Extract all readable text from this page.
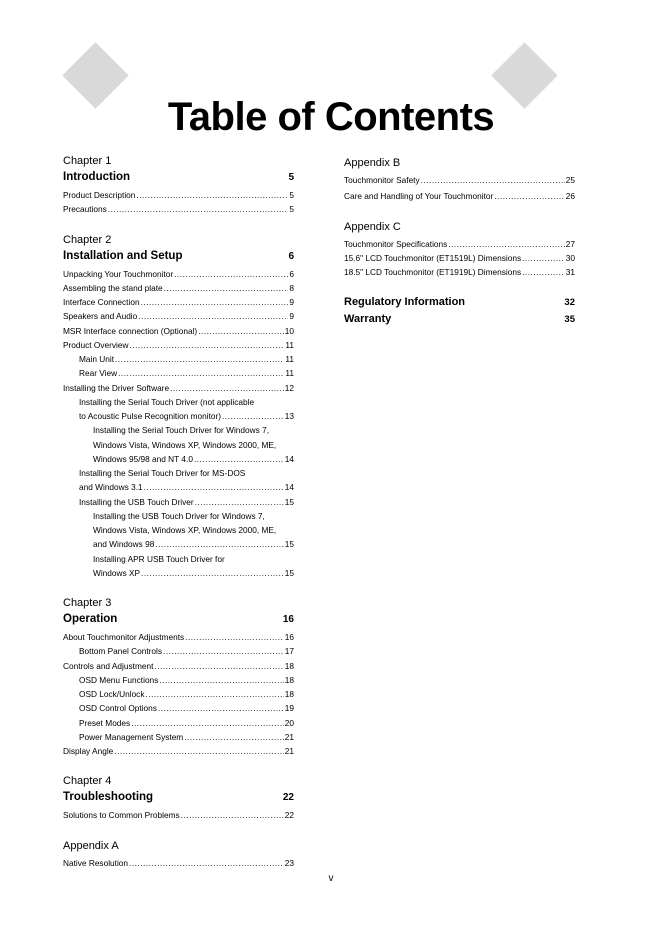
Table of Contents
Chapter 1
Introduction	5
Product Description .....	5
Precautions .....	5
Chapter 2
Installation and Setup	6
Unpacking Your Touchmonitor .....	6
Assembling the stand plate .....	8
Interface Connection .....	9
Speakers and Audio .....	9
MSR Interface connection (Optional) .....	10
Product Overview .....	11
Main Unit .....	11
Rear View .....	11
Installing the Driver Software .....	12
Installing the Serial Touch Driver (not applicable
to Acoustic Pulse Recognition monitor) .....	13
Installing the Serial Touch Driver for Windows 7,
Windows Vista, Windows XP, Windows 2000, ME,
Windows 95/98 and NT 4.0 .....	14
Installing the Serial Touch Driver for MS-DOS
and Windows 3.1 .....	14
Installing the USB Touch Driver .....	15
Installing the USB Touch Driver for Windows 7,
Windows Vista, Windows XP, Windows 2000, ME,
and Windows 98 .....	15
Installing APR USB Touch Driver for
Windows XP .....	15
Chapter 3
Operation	16
About Touchmonitor Adjustments .....	16
Bottom Panel Controls .....	17
Controls and Adjustment .....	18
OSD Menu Functions .....	18
OSD Lock/Unlock .....	18
OSD Control Options .....	19
Preset Modes .....	20
Power Management System .....	21
Display Angle .....	21
Chapter 4
Troubleshooting	22
Solutions to Common Problems .....	22
Appendix A
Native Resolution .....	23
Appendix B
Touchmonitor Safety .....	25
Care and Handling of Your Touchmonitor .....	26
Appendix C
Touchmonitor Specifications .....	27
15.6" LCD Touchmonitor (ET1519L) Dimensions .....	30
18.5" LCD Touchmonitor (ET1919L) Dimensions .....	31
Regulatory Information	32
Warranty	35
v
